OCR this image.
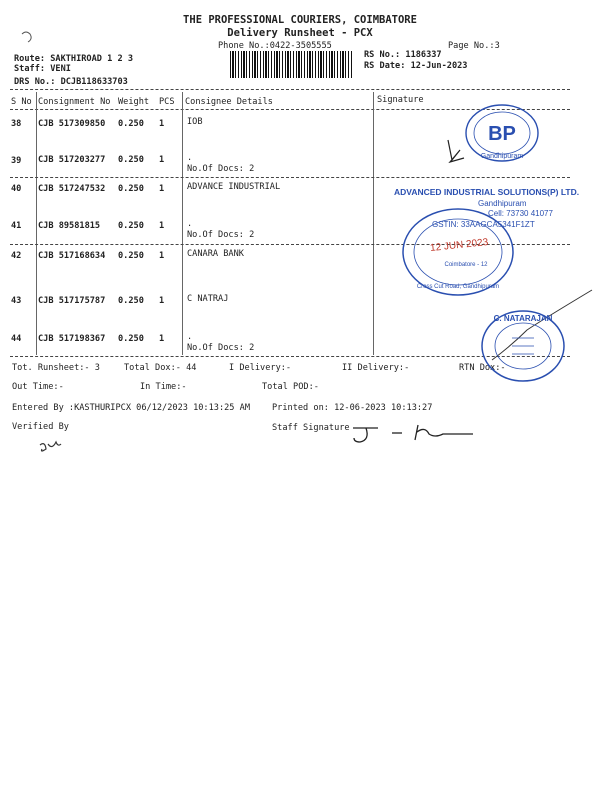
THE PROFESSIONAL COURIERS, COIMBATORE
Delivery Runsheet - PCX
Phone No.:0422-3505555	Page No.:3
Route: SAKTHIROAD 1 2 3
Staff: VENI
DRS No.: DCJB118633703
RS No.: 1186337
RS Date: 12-Jun-2023
S No Consignment No Weight PCS Consignee Details	Signature
38 CJB 517309850 0.250 1	IOB
39 CJB 517203277 0.250 1	.
No.Of Docs: 2
40 CJB 517247532 0.250 1	ADVANCE INDUSTRIAL
41 CJB 89581815 0.250 1	.
No.Of Docs: 2
42 CJB 517168634 0.250 1	CANARA BANK
43 CJB 517175787 0.250 1	C NATRAJ
44 CJB 517198367 0.250 1	.
No.Of Docs: 2
Tot. Runsheet:- 3	Total Dox:- 44	I Delivery:-	II Delivery:-	RTN Dox:-
Out Time:-	In Time:-	Total POD:-
Entered By :KASTHURIPCX 06/12/2023 10:13:25 AM	Printed on: 12-06-2023 10:13:27
Verified By	Staff Signature
BP
Gandhipuram
ADVANCED INDUSTRIAL SOLUTIONS(P) LTD.
Gandhipuram
Cell: 73730 41077
GSTIN: 33AAGCA5341F1ZT
Cross Cut Road, Gandhipuram
Coimbatore - 12
12 JUN 2023
C. NATARAJAN
